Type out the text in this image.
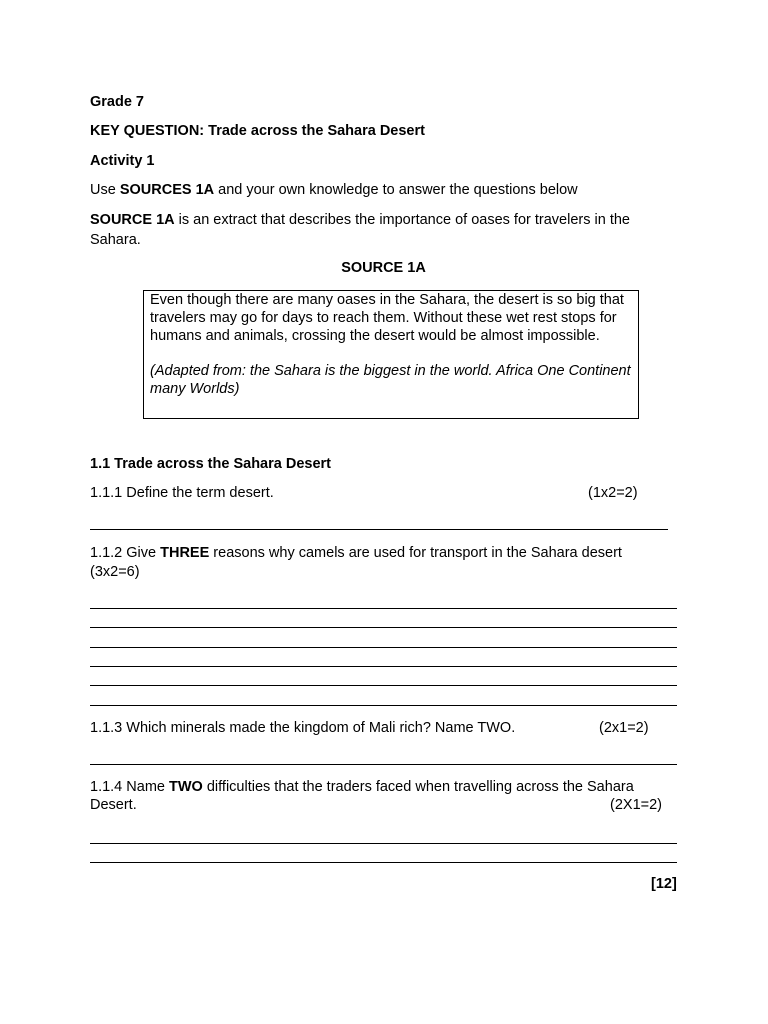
Grade 7
KEY QUESTION: Trade across the Sahara Desert
Activity 1
Use SOURCES 1A and your own knowledge to answer the questions below
SOURCE 1A is an extract that describes the importance of oases for travelers in the
Sahara.
SOURCE 1A

Even though there are many oases in the Sahara, the desert is so big that travelers may go for days to reach them. Without these wet rest stops for humans and animals, crossing the desert would be almost impossible.

(Adapted from: the Sahara is the biggest in the world. Africa One Continent many Worlds)

1.1 Trade across the Sahara Desert
1.1.1 Define the term desert.	(1x2=2)
1.1.2 Give THREE reasons why camels are used for transport in the Sahara desert
(3x2=6)
1.1.3 Which minerals made the kingdom of Mali rich? Name TWO.	(2x1=2)
1.1.4 Name TWO difficulties that the traders faced when travelling across the Sahara
Desert.	(2X1=2)
[12]
